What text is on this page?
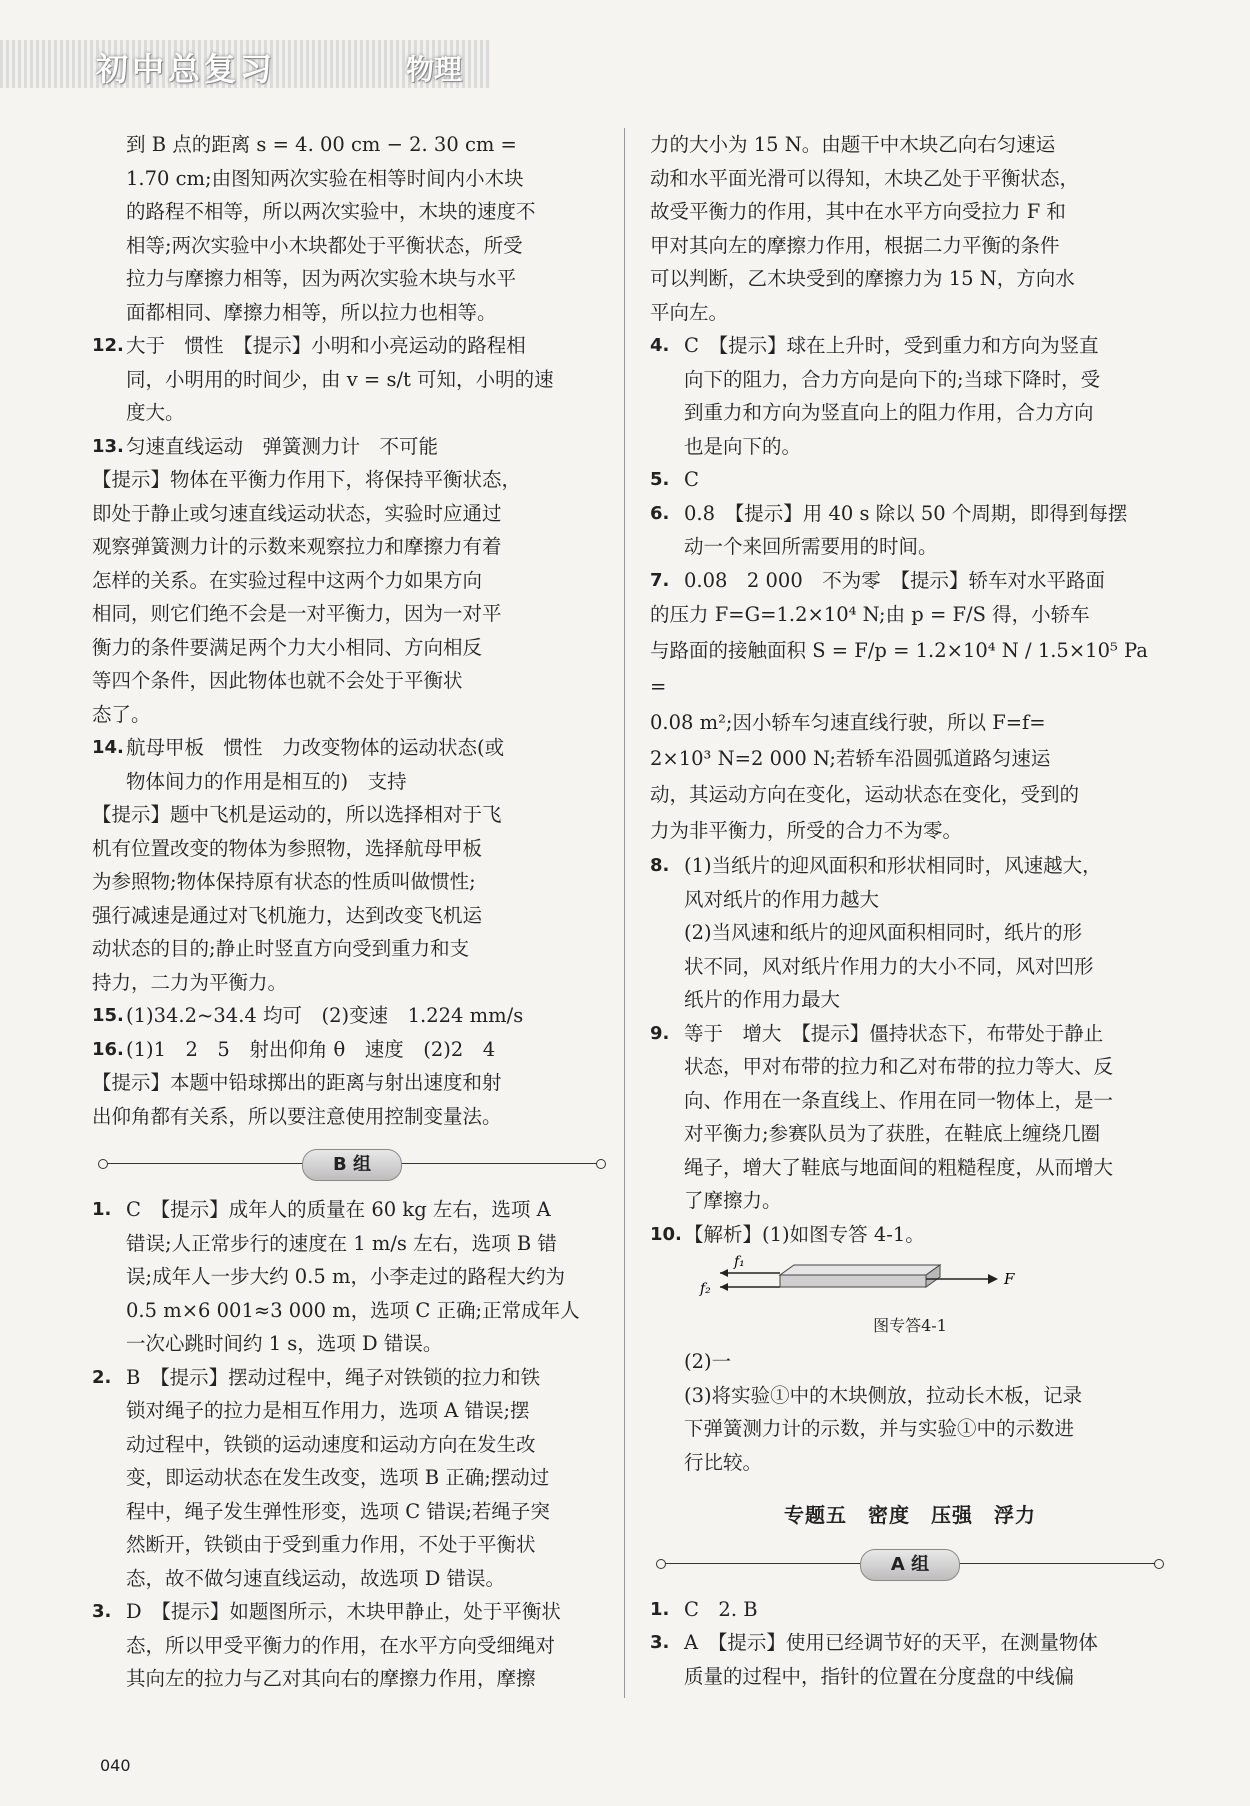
初中总复习	物理

到 B 点的距离 s = 4. 00 cm − 2. 30 cm =
1.70 cm;由图知两次实验在相等时间内小木块
的路程不相等，所以两次实验中，木块的速度不
相等;两次实验中小木块都处于平衡状态，所受
拉力与摩擦力相等，因为两次实验木块与水平
面都相同、摩擦力相等，所以拉力也相等。

12. 大于　惯性　【提示】小明和小亮运动的路程相
同，小明用的时间少，由 v = s/t 可知，小明的速
度大。
13. 匀速直线运动　弹簧测力计　不可能

【提示】物体在平衡力作用下，将保持平衡状态，
即处于静止或匀速直线运动状态，实验时应通过
观察弹簧测力计的示数来观察拉力和摩擦力有着
怎样的关系。在实验过程中这两个力如果方向
相同，则它们绝不会是一对平衡力，因为一对平
衡力的条件要满足两个力大小相同、方向相反
等四个条件，因此物体也就不会处于平衡状
态了。

14. 航母甲板　惯性　力改变物体的运动状态(或
物体间力的作用是相互的)　支持

【提示】题中飞机是运动的，所以选择相对于飞
机有位置改变的物体为参照物，选择航母甲板
为参照物;物体保持原有状态的性质叫做惯性;
强行减速是通过对飞机施力，达到改变飞机运
动状态的目的;静止时竖直方向受到重力和支
持力，二力为平衡力。

15. (1)34.2~34.4 均可　(2)变速　1.224 mm/s
16. (1)1　2　5　射出仰角 θ　速度　(2)2　4

【提示】本题中铅球掷出的距离与射出速度和射
出仰角都有关系，所以要注意使用控制变量法。

B 组
1. C　【提示】成年人的质量在 60 kg 左右，选项 A
错误;人正常步行的速度在 1 m/s 左右，选项 B 错
误;成年人一步大约 0.5 m，小李走过的路程大约为
0.5 m×6 001≈3 000 m，选项 C 正确;正常成年人
一次心跳时间约 1 s，选项 D 错误。
2. B　【提示】摆动过程中，绳子对铁锁的拉力和铁
锁对绳子的拉力是相互作用力，选项 A 错误;摆
动过程中，铁锁的运动速度和运动方向在发生改
变，即运动状态在发生改变，选项 B 正确;摆动过
程中，绳子发生弹性形变，选项 C 错误;若绳子突
然断开，铁锁由于受到重力作用，不处于平衡状
态，故不做匀速直线运动，故选项 D 错误。
3. D　【提示】如题图所示，木块甲静止，处于平衡状
态，所以甲受平衡力的作用，在水平方向受细绳对
其向左的拉力与乙对其向右的摩擦力作用，摩擦

力的大小为 15 N。由题干中木块乙向右匀速运
动和水平面光滑可以得知，木块乙处于平衡状态，
故受平衡力的作用，其中在水平方向受拉力 F 和
甲对其向左的摩擦力作用，根据二力平衡的条件
可以判断，乙木块受到的摩擦力为 15 N，方向水
平向左。

4. C　【提示】球在上升时，受到重力和方向为竖直
向下的阻力，合力方向是向下的;当球下降时，受
到重力和方向为竖直向上的阻力作用，合力方向
也是向下的。
5. C
6. 0.8　【提示】用 40 s 除以 50 个周期，即得到每摆
动一个来回所需要用的时间。
7. 0.08　2 000　不为零　【提示】轿车对水平路面

的压力 F=G=1.2×10⁴ N;由 p = F/S 得，小轿车
与路面的接触面积 S = F/p = 1.2×10⁴ N / 1.5×10⁵ Pa =
0.08 m²;因小轿车匀速直线行驶，所以 F=f=
2×10³ N=2 000 N;若轿车沿圆弧道路匀速运
动，其运动方向在变化，运动状态在变化，受到的
力为非平衡力，所受的合力不为零。

8. (1)当纸片的迎风面积和形状相同时，风速越大，
风对纸片的作用力越大
(2)当风速和纸片的迎风面积相同时，纸片的形
状不同，风对纸片作用力的大小不同，风对凹形
纸片的作用力最大
9. 等于　增大　【提示】僵持状态下，布带处于静止
状态，甲对布带的拉力和乙对布带的拉力等大、反
向、作用在一条直线上、作用在同一物体上，是一
对平衡力;参赛队员为了获胜，在鞋底上缠绕几圈
绳子，增大了鞋底与地面间的粗糙程度，从而增大
了摩擦力。
10. 【解析】(1)如图专答 4-1。
f₁
f₂
F
图专答4-1

(2)一
(3)将实验①中的木块侧放，拉动长木板，记录
下弹簧测力计的示数，并与实验①中的示数进
行比较。

专题五　密度　压强　浮力
A 组
1. C　2. B
3. A　【提示】使用已经调节好的天平，在测量物体
质量的过程中，指针的位置在分度盘的中线偏
040
